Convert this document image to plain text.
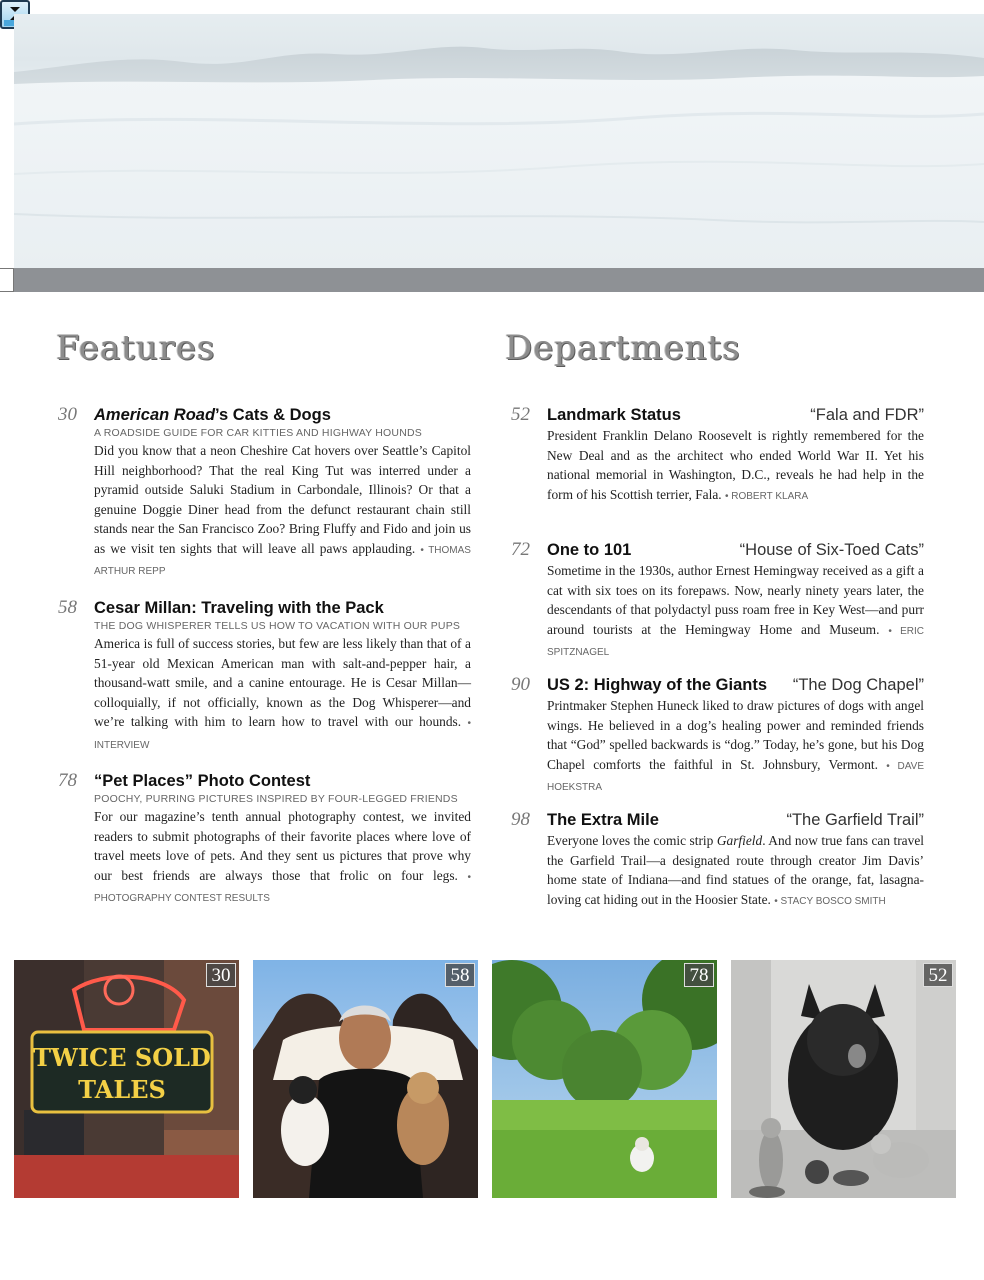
Features	Departments
30 American Road’s Cats & Dogs
A ROADSIDE GUIDE FOR CAR KITTIES AND HIGHWAY HOUNDS

Did you know that a neon Cheshire Cat hovers over Seattle’s Capitol Hill neighborhood? That the real King Tut was interred under a pyramid outside Saluki Stadium in Carbondale, Illinois? Or that a genuine Doggie Diner head from the defunct restaurant chain still stands near the San Francisco Zoo? Bring Fluffy and Fido and join us as we visit ten sights that will leave all paws applauding. • THOMAS ARTHUR REPP

58 Cesar Millan: Traveling with the Pack
THE DOG WHISPERER TELLS US HOW TO VACATION WITH OUR PUPS

America is full of success stories, but few are less likely than that of a 51-year old Mexican American man with salt-and-pepper hair, a thousand-watt smile, and a canine entourage. He is Cesar Millan—colloquially, if not officially, known as the Dog Whisperer—and we’re talking with him to learn how to travel with our hounds. • INTERVIEW

78 “Pet Places” Photo Contest
POOCHY, PURRING PICTURES INSPIRED BY FOUR-LEGGED FRIENDS

For our magazine’s tenth annual photography contest, we invited readers to submit photographs of their favorite places where love of travel meets love of pets. And they sent us pictures that prove why our best friends are always those that frolic on four legs. • PHOTOGRAPHY CONTEST RESULTS

52 Landmark Status	“Fala and FDR”

President Franklin Delano Roosevelt is rightly remembered for the New Deal and as the architect who ended World War II. Yet his national memorial in Washington, D.C., reveals he had help in the form of his Scottish terrier, Fala. • ROBERT KLARA

72 One to 101	“House of Six-Toed Cats”

Sometime in the 1930s, author Ernest Hemingway received as a gift a cat with six toes on its forepaws. Now, nearly ninety years later, the descendants of that polydactyl puss roam free in Key West—and purr around tourists at the Hemingway Home and Museum. • ERIC SPITZNAGEL

90 US 2: Highway of the Giants “The Dog Chapel”

Printmaker Stephen Huneck liked to draw pictures of dogs with angel wings. He believed in a dog’s healing power and reminded friends that “God” spelled backwards is “dog.” Today, he’s gone, but his Dog Chapel comforts the faithful in St. Johnsbury, Vermont. • DAVE HOEKSTRA

98 The Extra Mile	“The Garfield Trail”

Everyone loves the comic strip Garfield. And now true fans can travel the Garfield Trail—a designated route through creator Jim Davis’ home state of Indiana—and find statues of the orange, fat, lasagna-loving cat hiding out in the Hoosier State. • STACY BOSCO SMITH

TWICE SOLD
TALES
30	58	78	52
